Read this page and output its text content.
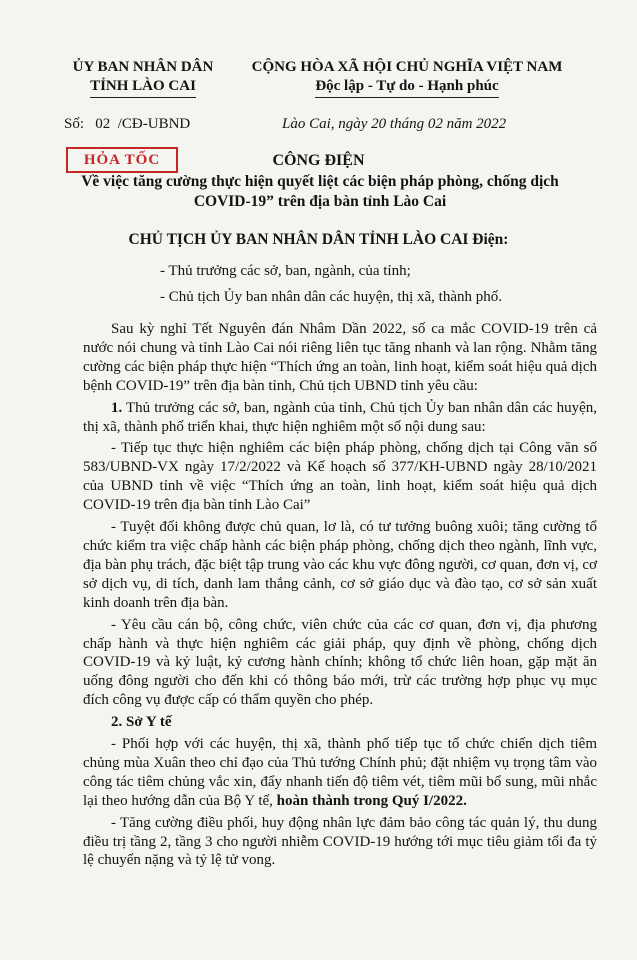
ỦY BAN NHÂN DÂN
TỈNH LÀO CAI
CỘNG HÒA XÃ HỘI CHỦ NGHĨA VIỆT NAM
Độc lập - Tự do - Hạnh phúc
Số:   02  /CĐ-UBND	Lào Cai, ngày 20 tháng 02 năm 2022
HỎA TỐC	CÔNG ĐIỆN
Về việc tăng cường thực hiện quyết liệt các biện pháp phòng, chống dịch COVID-19” trên địa bàn tỉnh Lào Cai
CHỦ TỊCH ỦY BAN NHÂN DÂN TỈNH LÀO CAI Điện:
- Thủ trưởng các sở, ban, ngành, của tỉnh;
- Chủ tịch Ủy ban nhân dân các huyện, thị xã, thành phố.

Sau kỳ nghỉ Tết Nguyên đán Nhâm Dần 2022, số ca mắc COVID-19 trên cả nước nói chung và tỉnh Lào Cai nói riêng liên tục tăng nhanh và lan rộng. Nhằm tăng cường các biện pháp thực hiện “Thích ứng an toàn, linh hoạt, kiểm soát hiệu quả dịch bệnh COVID-19” trên địa bàn tỉnh, Chủ tịch UBND tỉnh yêu cầu:

1. Thủ trưởng các sở, ban, ngành của tỉnh, Chủ tịch Ủy ban nhân dân các huyện, thị xã, thành phố triển khai, thực hiện nghiêm một số nội dung sau:

- Tiếp tục thực hiện nghiêm các biện pháp phòng, chống dịch tại Công văn số 583/UBND-VX ngày 17/2/2022 và Kế hoạch số 377/KH-UBND ngày 28/10/2021 của UBND tỉnh về việc “Thích ứng an toàn, linh hoạt, kiểm soát hiệu quả dịch COVID-19 trên địa bàn tỉnh Lào Cai”

- Tuyệt đối không được chủ quan, lơ là, có tư tưởng buông xuôi; tăng cường tổ chức kiểm tra việc chấp hành các biện pháp phòng, chống dịch theo ngành, lĩnh vực, địa bàn phụ trách, đặc biệt tập trung vào các khu vực đông người, cơ quan, đơn vị, cơ sở dịch vụ, di tích, danh lam thắng cảnh, cơ sở giáo dục và đào tạo, cơ sở sản xuất kinh doanh trên địa bàn.

- Yêu cầu cán bộ, công chức, viên chức của các cơ quan, đơn vị, địa phương chấp hành và thực hiện nghiêm các giải pháp, quy định về phòng, chống dịch COVID-19 và kỷ luật, kỷ cương hành chính; không tổ chức liên hoan, gặp mặt ăn uống đông người cho đến khi có thông báo mới, trừ các trường hợp phục vụ mục đích công vụ được cấp có thẩm quyền cho phép.

2. Sở Y tế

- Phối hợp với các huyện, thị xã, thành phố tiếp tục tổ chức chiến dịch tiêm chủng mùa Xuân theo chỉ đạo của Thủ tướng Chính phủ; đặt nhiệm vụ trọng tâm vào công tác tiêm chủng vắc xin, đẩy nhanh tiến độ tiêm vét, tiêm mũi bổ sung, mũi nhắc lại theo hướng dẫn của Bộ Y tế, hoàn thành trong Quý I/2022.

- Tăng cường điều phối, huy động nhân lực đảm bảo công tác quản lý, thu dung điều trị tầng 2, tầng 3 cho người nhiễm COVID-19 hướng tới mục tiêu giảm tối đa tỷ lệ chuyển nặng và tỷ lệ tử vong.
